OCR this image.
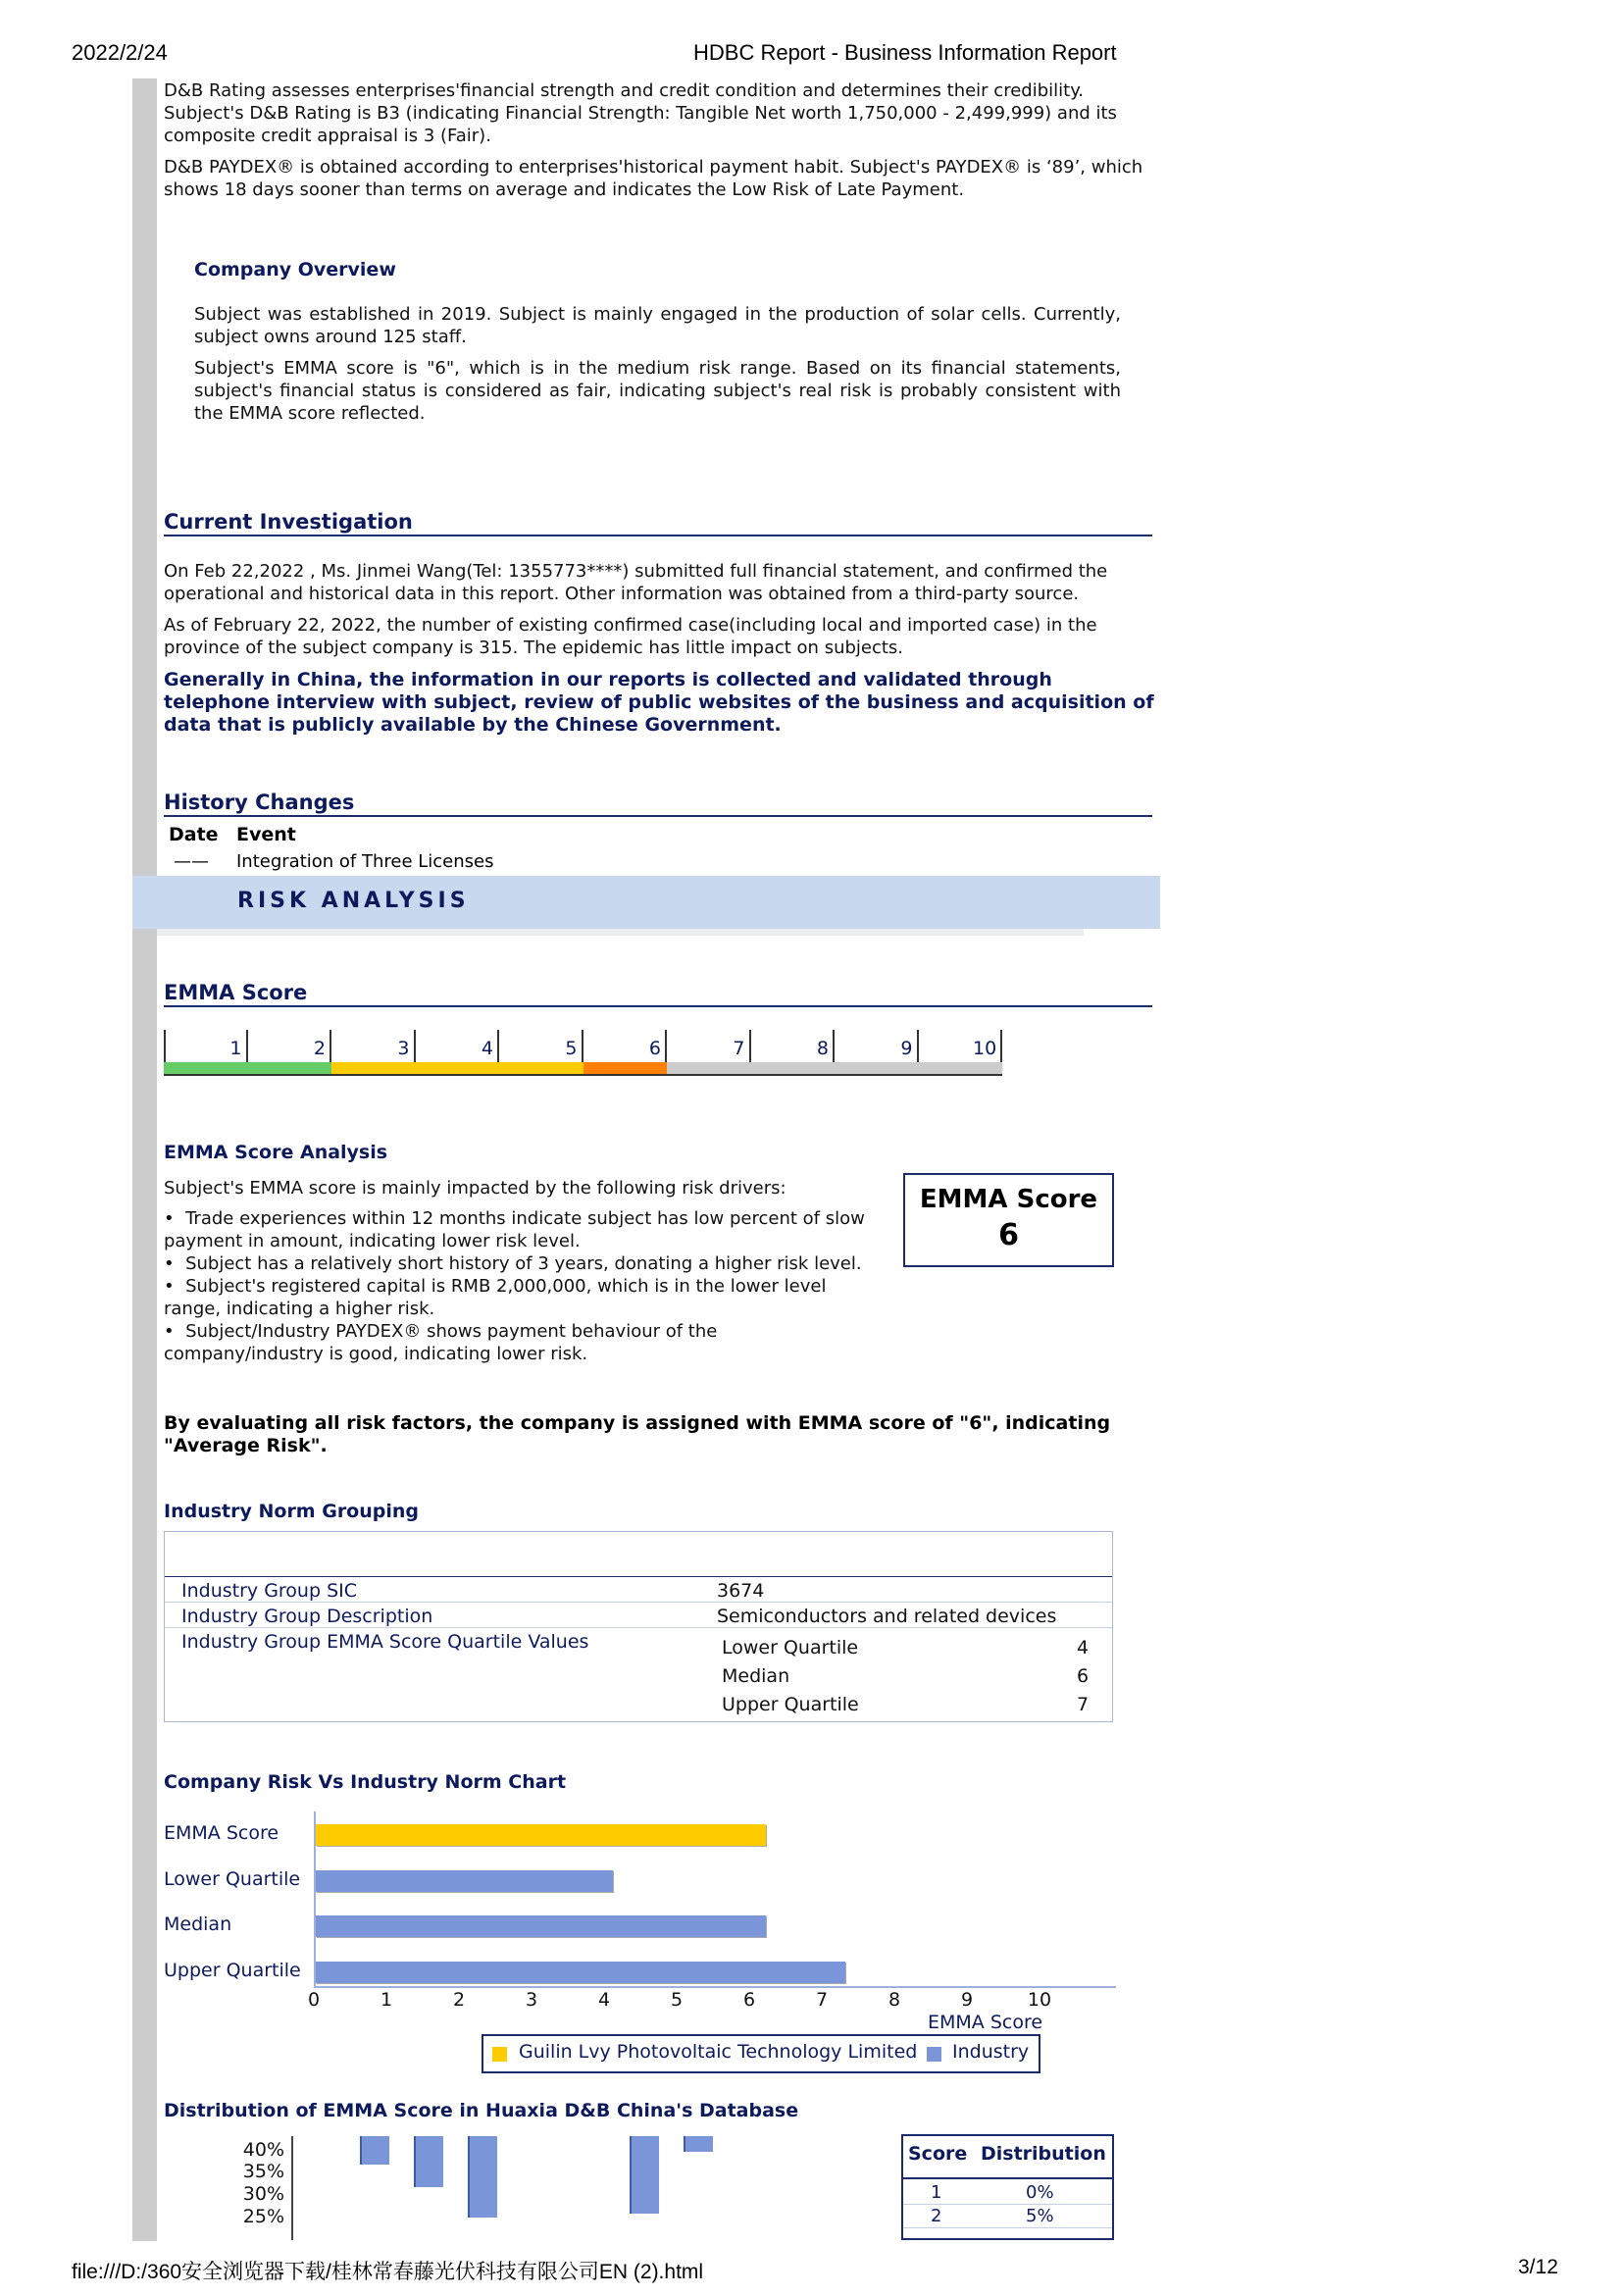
2022/2/24	HDBC Report - Business Information Report

D&B Rating assesses enterprises'financial strength and credit condition and determines their credibility. Subject's D&B Rating is B3 (indicating Financial Strength: Tangible Net worth 1,750,000 - 2,499,999) and its composite credit appraisal is 3 (Fair).

D&B PAYDEX® is obtained according to enterprises'historical payment habit. Subject's PAYDEX® is ‘89’, which shows 18 days sooner than terms on average and indicates the Low Risk of Late Payment.

Company Overview

Subject was established in 2019. Subject is mainly engaged in the production of solar cells. Currently, subject owns around 125 staff.

Subject's EMMA score is "6", which is in the medium risk range. Based on its financial statements, subject's financial status is considered as fair, indicating subject's real risk is probably consistent with the EMMA score reflected.

Current Investigation

On Feb 22,2022 , Ms. Jinmei Wang(Tel: 1355773****) submitted full financial statement, and confirmed the operational and historical data in this report. Other information was obtained from a third-party source.

As of February 22, 2022, the number of existing confirmed case(including local and imported case) in the province of the subject company is 315. The epidemic has little impact on subjects.

Generally in China, the information in our reports is collected and validated through telephone interview with subject, review of public websites of the business and acquisition of data that is publicly available by the Chinese Government.
History Changes
Date Event
—— Integration of Three Licenses
RISK ANALYSIS
EMMA Score
1	2	3	4	5	6	7	8	9	10
EMMA Score Analysis

Subject's EMMA score is mainly impacted by the following risk drivers:

•  Trade experiences within 12 months indicate subject has low percent of slow payment in amount, indicating lower risk level.
•  Subject has a relatively short history of 3 years, donating a higher risk level.
•  Subject's registered capital is RMB 2,000,000, which is in the lower level range, indicating a higher risk.
•  Subject/Industry PAYDEX® shows payment behaviour of the company/industry is good, indicating lower risk.
EMMA Score
6
By evaluating all risk factors, the company is assigned with EMMA score of "6", indicating "Average Risk".
Industry Norm Grouping
Industry Group SIC	3674
Industry Group Description	Semiconductors and related devices
Industry Group EMMA Score Quartile Values	Lower Quartile	4
Median	6
Upper Quartile	7
Company Risk Vs Industry Norm Chart
EMMA Score
Lower Quartile
Median
Upper Quartile
0	1	2	3	4	5	6	7	8	9	10
EMMA Score
Guilin Lvy Photovoltaic Technology Limited Industry
Distribution of EMMA Score in Huaxia D&B China's Database
40%
35%
30%
25%
Score Distribution
1	0%
2	5%
file:///D:/360安全浏览器下载/桂林常春藤光伏科技有限公司EN (2).html	3/12
